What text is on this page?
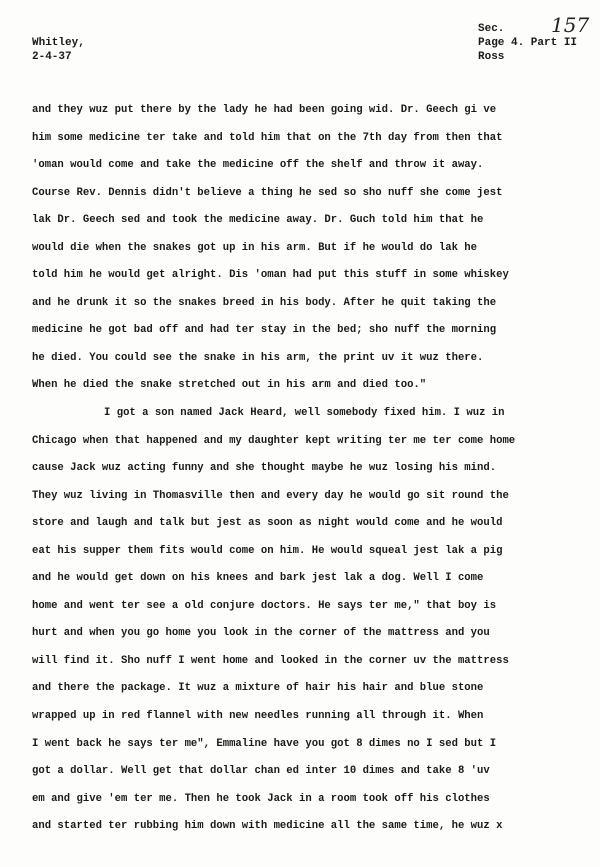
Whitley,
2-4-37
157
Sec.
Page 4. Part II
Ross
and they wuz put there by the lady he had been going wid. Dr. Geech gi ve
him some medicine ter take and told him that on the 7th day from then that
'oman would come and take the medicine off the shelf and throw it away.
Course Rev. Dennis didn't believe a thing he sed so sho nuff she come jest
lak Dr. Geech sed and took the medicine away. Dr. Guch told him that he
would die when the snakes got up in his arm. But if he would do lak he
told him he would get alright. Dis 'oman had put this stuff in some whiskey
and he drunk it so the snakes breed in his body. After he quit taking the
medicine he got bad off and had ter stay in the bed; sho nuff the morning
he died. You could see the snake in his arm, the print uv it wuz there.
When he died the snake stretched out in his arm and died too."
I got a son named Jack Heard, well somebody fixed him. I wuz in
Chicago when that happened and my daughter kept writing ter me ter come home
cause Jack wuz acting funny and she thought maybe he wuz losing his mind.
They wuz living in Thomasville then and every day he would go sit round the
store and laugh and talk but jest as soon as night would come and he would
eat his supper them fits would come on him. He would squeal jest lak a pig
and he would get down on his knees and bark jest lak a dog. Well I come
home and went ter see a old conjure doctors. He says ter me," that boy is
hurt and when you go home you look in the corner of the mattress and you
will find it. Sho nuff I went home and looked in the corner uv the mattress
and there the package. It wuz a mixture of hair his hair and blue stone
wrapped up in red flannel with new needles running all through it. When
I went back he says ter me", Emmaline have you got 8 dimes no I sed but I
got a dollar. Well get that dollar chan ed inter 10 dimes and take 8 'uv
em and give 'em ter me. Then he took Jack in a room took off his clothes
and started ter rubbing him down with medicine all the same time, he wuz x
